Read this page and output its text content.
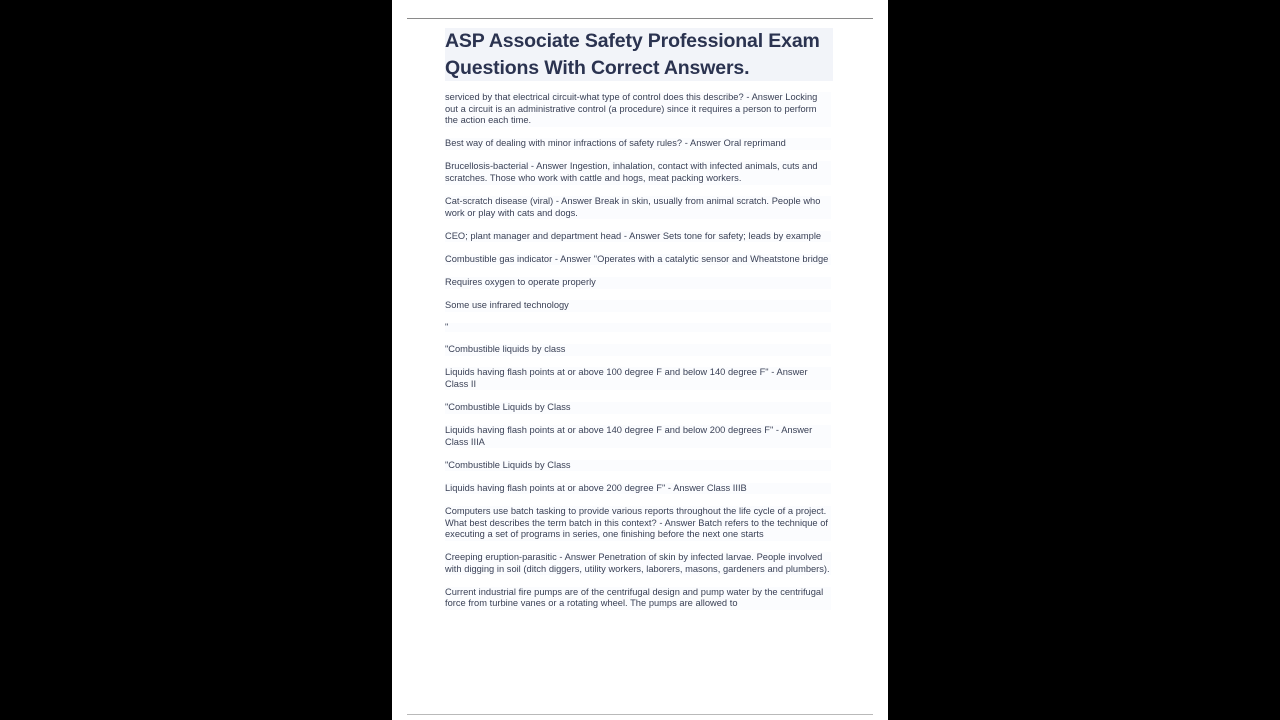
ASP Associate Safety Professional Exam Questions With Correct Answers.

serviced by that electrical circuit-what type of control does this describe? - Answer Locking out a circuit is an administrative control (a procedure) since it requires a person to perform the action each time.

Best way of dealing with minor infractions of safety rules? - Answer Oral reprimand

Brucellosis-bacterial - Answer Ingestion, inhalation, contact with infected animals, cuts and scratches. Those who work with cattle and hogs, meat packing workers.

Cat-scratch disease (viral) - Answer Break in skin, usually from animal scratch. People who work or play with cats and dogs.

CEO; plant manager and department head - Answer Sets tone for safety; leads by example

Combustible gas indicator - Answer "Operates with a catalytic sensor and Wheatstone bridge

Requires oxygen to operate properly

Some use infrared technology

"

"Combustible liquids by class

Liquids having flash points at or above 100 degree F and below 140 degree F" - Answer Class II

"Combustible Liquids by Class

Liquids having flash points at or above 140 degree F and below 200 degrees F" - Answer Class IIIA

"Combustible Liquids by Class

Liquids having flash points at or above 200 degree F" - Answer Class IIIB

Computers use batch tasking to provide various reports throughout the life cycle of a project. What best describes the term batch in this context? - Answer Batch refers to the technique of executing a set of programs in series, one finishing before the next one starts

Creeping eruption-parasitic - Answer Penetration of skin by infected larvae. People involved with digging in soil (ditch diggers, utility workers, laborers, masons, gardeners and plumbers).

Current industrial fire pumps are of the centrifugal design and pump water by the centrifugal force from turbine vanes or a rotating wheel. The pumps are allowed to
